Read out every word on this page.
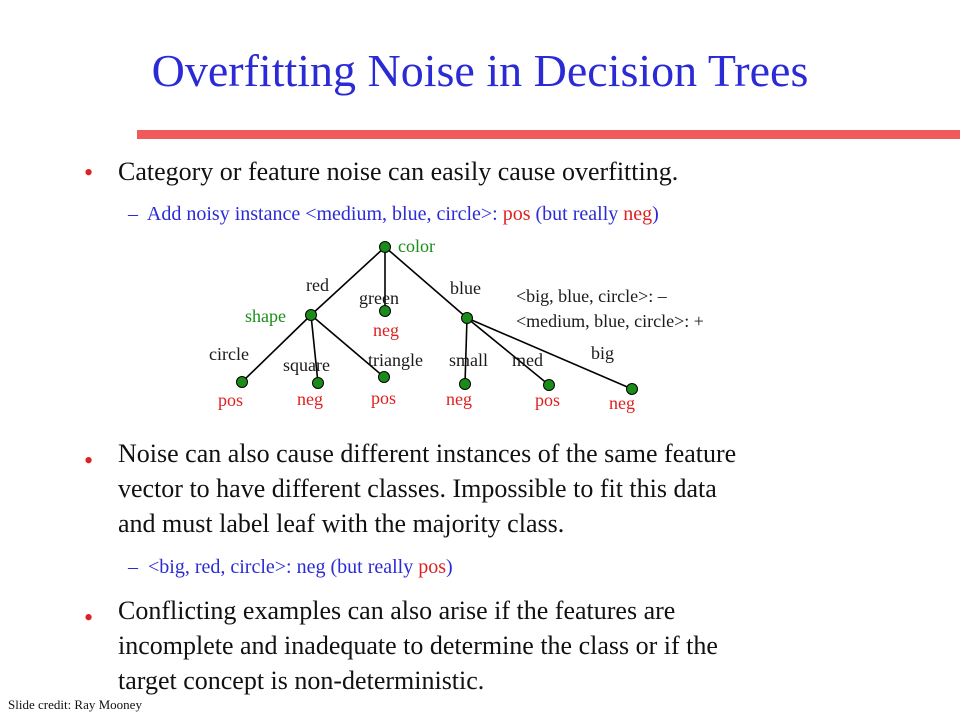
Overfitting Noise in Decision Trees
• Category or feature noise can easily cause overfitting.
– Add noisy instance <medium, blue, circle>: pos (but really neg)
color
shape
red
green	blue
circle
square triangle small med	big
neg
pos	neg	pos	neg	pos	neg
<big, blue, circle>: –
<medium, blue, circle>: +
• Noise can also cause different instances of the same feature
vector to have different classes. Impossible to fit this data
and must label leaf with the majority class.
– <big, red, circle>: neg (but really pos)
• Conflicting examples can also arise if the features are
incomplete and inadequate to determine the class or if the
target concept is non-deterministic.
Slide credit: Ray Mooney
